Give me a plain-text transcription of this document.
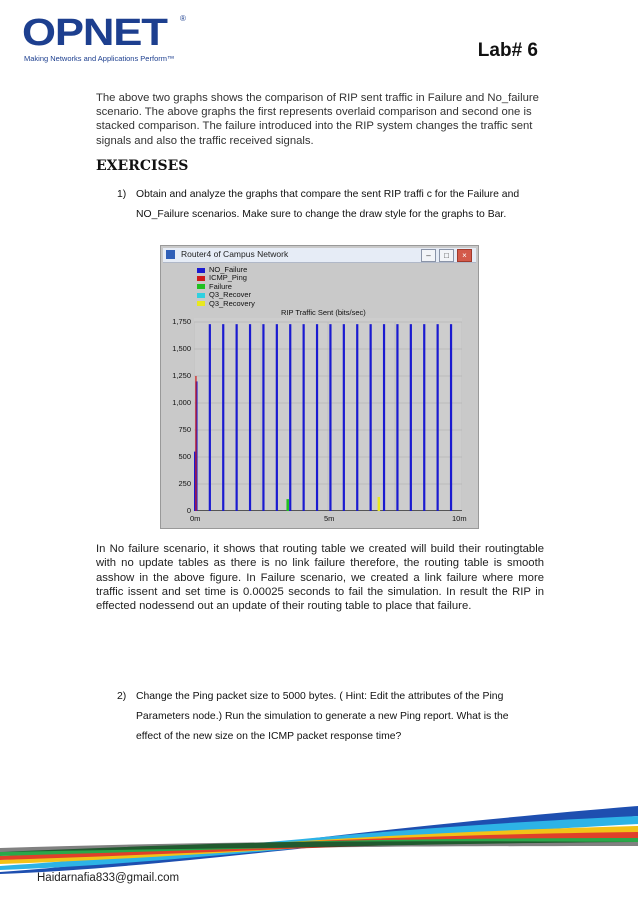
OPNET ®
Making Networks and Applications Perform™	Lab# 6
The above two graphs shows the comparison of RIP sent traffic in Failure and No_failure scenario. The above graphs the first represents overlaid comparison and second one is stacked comparison. The failure introduced into the RIP system changes the traffic sent signals and also the traffic received signals.
EXERCISES
1) Obtain and analyze the graphs that compare the sent RIP traffi c for the Failure and NO_Failure scenarios. Make sure to change the draw style for the graphs to Bar.
Router4 of Campus Network	–	□	×
NO_Failure
ICMP_Ping
Failure
Q3_Recover
Q3_Recovery
RIP Traffic Sent (bits/sec)
1,750
1,500
1,250
1,000
750
500
250
0
0m	5m	10m
In No failure scenario, it shows that routing table we created will build their routingtable with no update tables as there is no link failure therefore, the routing table is smooth asshow in the above figure. In Failure scenario, we created a link failure where more traffic issent and set time is 0.00025 seconds to fail the simulation. In result the RIP in effected nodessend out an update of their routing table to place that failure.
2) Change the Ping packet size to 5000 bytes. ( Hint: Edit the attributes of the Ping Parameters node.) Run the simulation to generate a new Ping report. What is the effect of the new size on the ICMP packet response time?
Haidarnafia833@gmail.com
